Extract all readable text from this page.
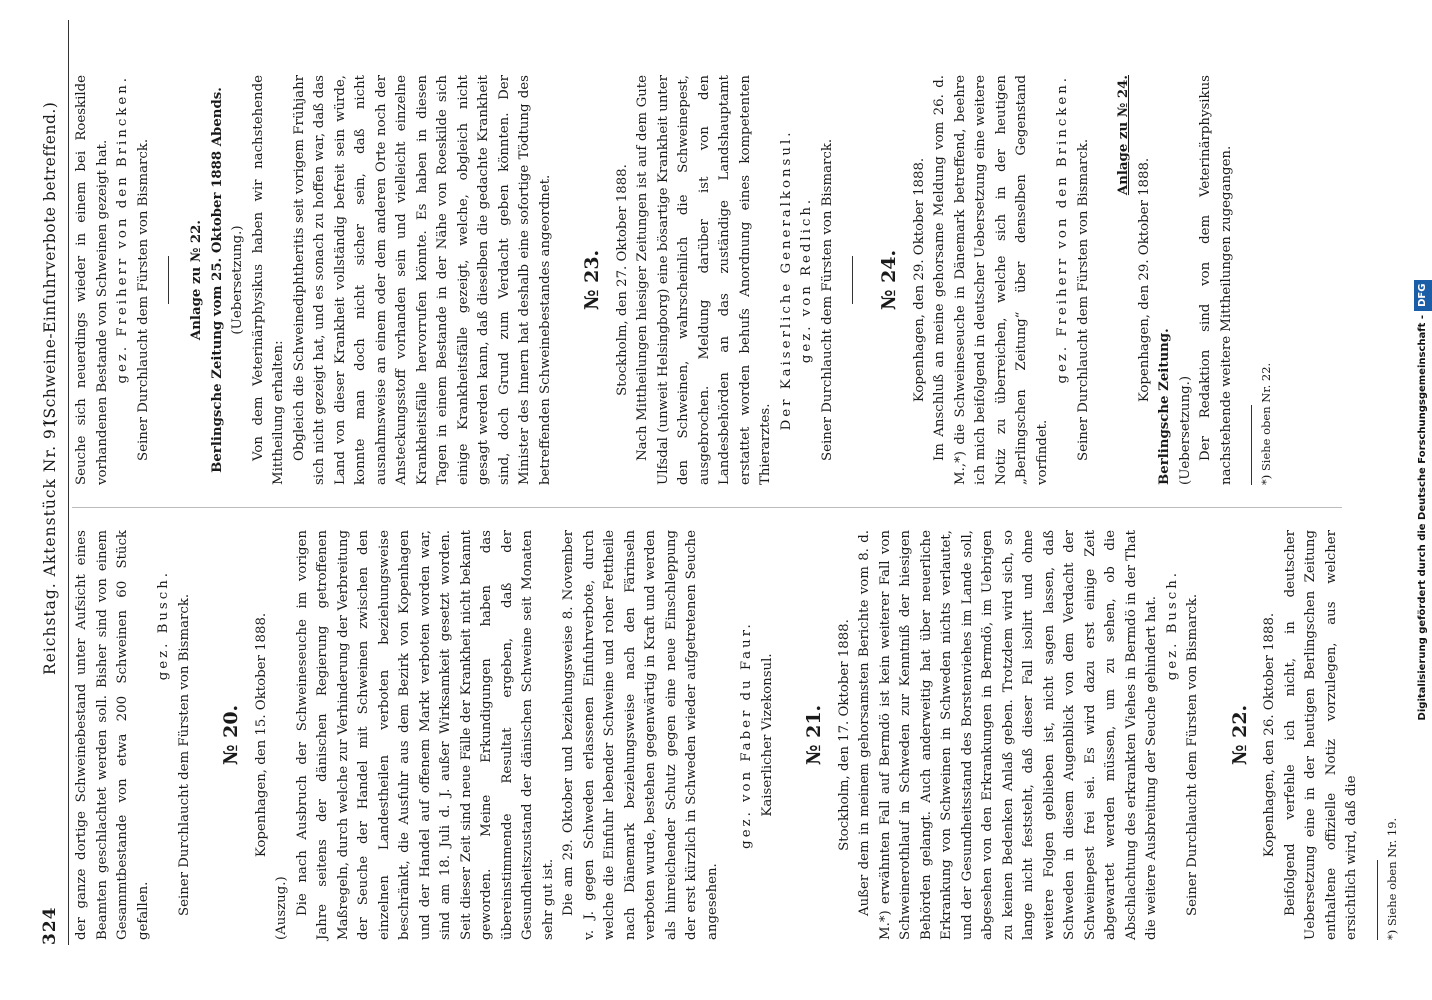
324
Reichstag. Aktenstück Nr. 91.
(Schweine-Einfuhrverbote betreffend.)

der ganze dortige Schweinebestand unter Aufsicht eines Beamten geschlachtet werden soll. Bisher sind von einem Gesammtbestande von etwa 200 Schweinen 60 Stück gefallen.

gez. Busch. Seiner Durchlaucht dem Fürsten von Bismarck. № 20. Kopenhagen, den 15. Oktober 1888.

(Auszug.) Die nach Ausbruch der Schweineseuche im vorigen Jahre seitens der dänischen Regierung getroffenen Maßregeln, durch welche zur Verhinderung der Verbreitung der Seuche der Handel mit Schweinen zwischen den einzelnen Landestheilen verboten beziehungsweise beschränkt, die Ausfuhr aus dem Bezirk von Kopenhagen und der Handel auf offenem Markt verboten worden war, sind am 18. Juli d. J. außer Wirksamkeit gesetzt worden. Seit dieser Zeit sind neue Fälle der Krankheit nicht bekannt geworden. Meine Erkundigungen haben das übereinstimmende Resultat ergeben, daß der Gesundheitszustand der dänischen Schweine seit Monaten sehr gut ist. Die am 29. Oktober und beziehungsweise 8. November v. J. gegen Schweden erlassenen Einfuhrverbote, durch welche die Einfuhr lebender Schweine und roher Fettheile nach Dänemark beziehungsweise nach den Färinseln verboten wurde, bestehen gegenwärtig in Kraft und werden als hinreichender Schutz gegen eine neue Einschleppung der erst kürzlich in Schweden wieder aufgetretenen Seuche angesehen.

gez. von Faber du Faur. Kaiserlicher Vizekonsul. № 21. Stockholm, den 17. Oktober 1888. Außer dem in meinem gehorsamsten Berichte vom 8. d. M.*) erwähnten Fall auf Bermdö ist kein weiterer Fall von Schweinerothlauf in Schweden zur Kenntniß der hiesigen Behörden gelangt. Auch anderweitig hat über neuerliche Erkrankung von Schweinen in Schweden nichts verlautet, und der Gesundheitsstand des Borstenviehes im Lande soll, abgesehen von den Erkrankungen in Bermdö, im Uebrigen zu keinen Bedenken Anlaß geben. Trotzdem wird sich, so lange nicht feststeht, daß dieser Fall isolirt und ohne weitere Folgen geblieben ist, nicht sagen lassen, daß Schweden in diesem Augenblick von dem Verdacht der Schweinepest frei sei. Es wird dazu erst einige Zeit abgewartet werden müssen, um zu sehen, ob die Abschlachtung des erkrankten Viehes in Bermdö in der That die weitere Ausbreitung der Seuche gehindert hat. gez. Busch. Seiner Durchlaucht dem Fürsten von Bismarck. № 22. Kopenhagen, den 26. Oktober 1888. Beifolgend verfehle ich nicht, in deutscher Uebersetzung eine in der heutigen Berlingschen Zeitung enthaltene offizielle Notiz vorzulegen, aus welcher ersichtlich wird, daß die	*) Siehe oben Nr. 19.

Seuche sich neuerdings wieder in einem bei Roeskilde vorhandenen Bestande von Schweinen gezeigt hat. gez. Freiherr von den Brincken. Seiner Durchlaucht dem Fürsten von Bismarck.	Anlage zu № 22. Berlingsche Zeitung vom 25. Oktober 1888 Abends. (Uebersetzung.) Von dem Veterinärphysikus haben wir nachstehende Mittheilung erhalten: Obgleich die Schweinediphtheritis seit vorigem Frühjahr sich nicht gezeigt hat, und es sonach zu hoffen war, daß das Land von dieser Krankheit vollständig befreit sein würde, konnte man doch nicht sicher sein, daß nicht ausnahmsweise an einem oder dem anderen Orte noch der Ansteckungsstoff vorhanden sein und vielleicht einzelne Krankheitsfälle hervorrufen könnte. Es haben in diesen Tagen in einem Bestande in der Nähe von Roeskilde sich einige Krankheitsfälle gezeigt, welche, obgleich nicht gesagt werden kann, daß dieselben die gedachte Krankheit sind, doch Grund zum Verdacht geben könnten. Der Minister des Innern hat deshalb eine sofortige Tödtung des betreffenden Schweinebestandes angeordnet. № 23. Stockholm, den 27. Oktober 1888. Nach Mittheilungen hiesiger Zeitungen ist auf dem Gute Ulfsdal (unweit Helsingborg) eine bösartige Krankheit unter den Schweinen, wahrscheinlich die Schweinepest, ausgebrochen. Meldung darüber ist von den Landesbehörden an das zuständige Landshauptamt erstattet worden behufs Anordnung eines kompetenten Thierarztes.

Der Kaiserliche Generalkonsul. gez. von Redlich. Seiner Durchlaucht dem Fürsten von Bismarck. № 24. Kopenhagen, den 29. Oktober 1888. Im Anschluß an meine gehorsame Meldung vom 26. d. M.,*) die Schweineseuche in Dänemark betreffend, beehre ich mich beifolgend in deutscher Uebersetzung eine weitere Notiz zu überreichen, welche sich in der heutigen „Berlingschen Zeitung“ über denselben Gegenstand vorfindet.

gez. Freiherr von den Brincken. Seiner Durchlaucht dem Fürsten von Bismarck.

Anlage zu № 24.

Kopenhagen, den 29. Oktober 1888.

Berlingsche Zeitung. (Uebersetzung.) Der Redaktion sind von dem Veterinärphysikus nachstehende weitere Mittheilungen zugegangen.	*) Siehe oben Nr. 22.	Digitalisierung gefördert durch die Deutsche Forschungsgemeinschaft -DFG
